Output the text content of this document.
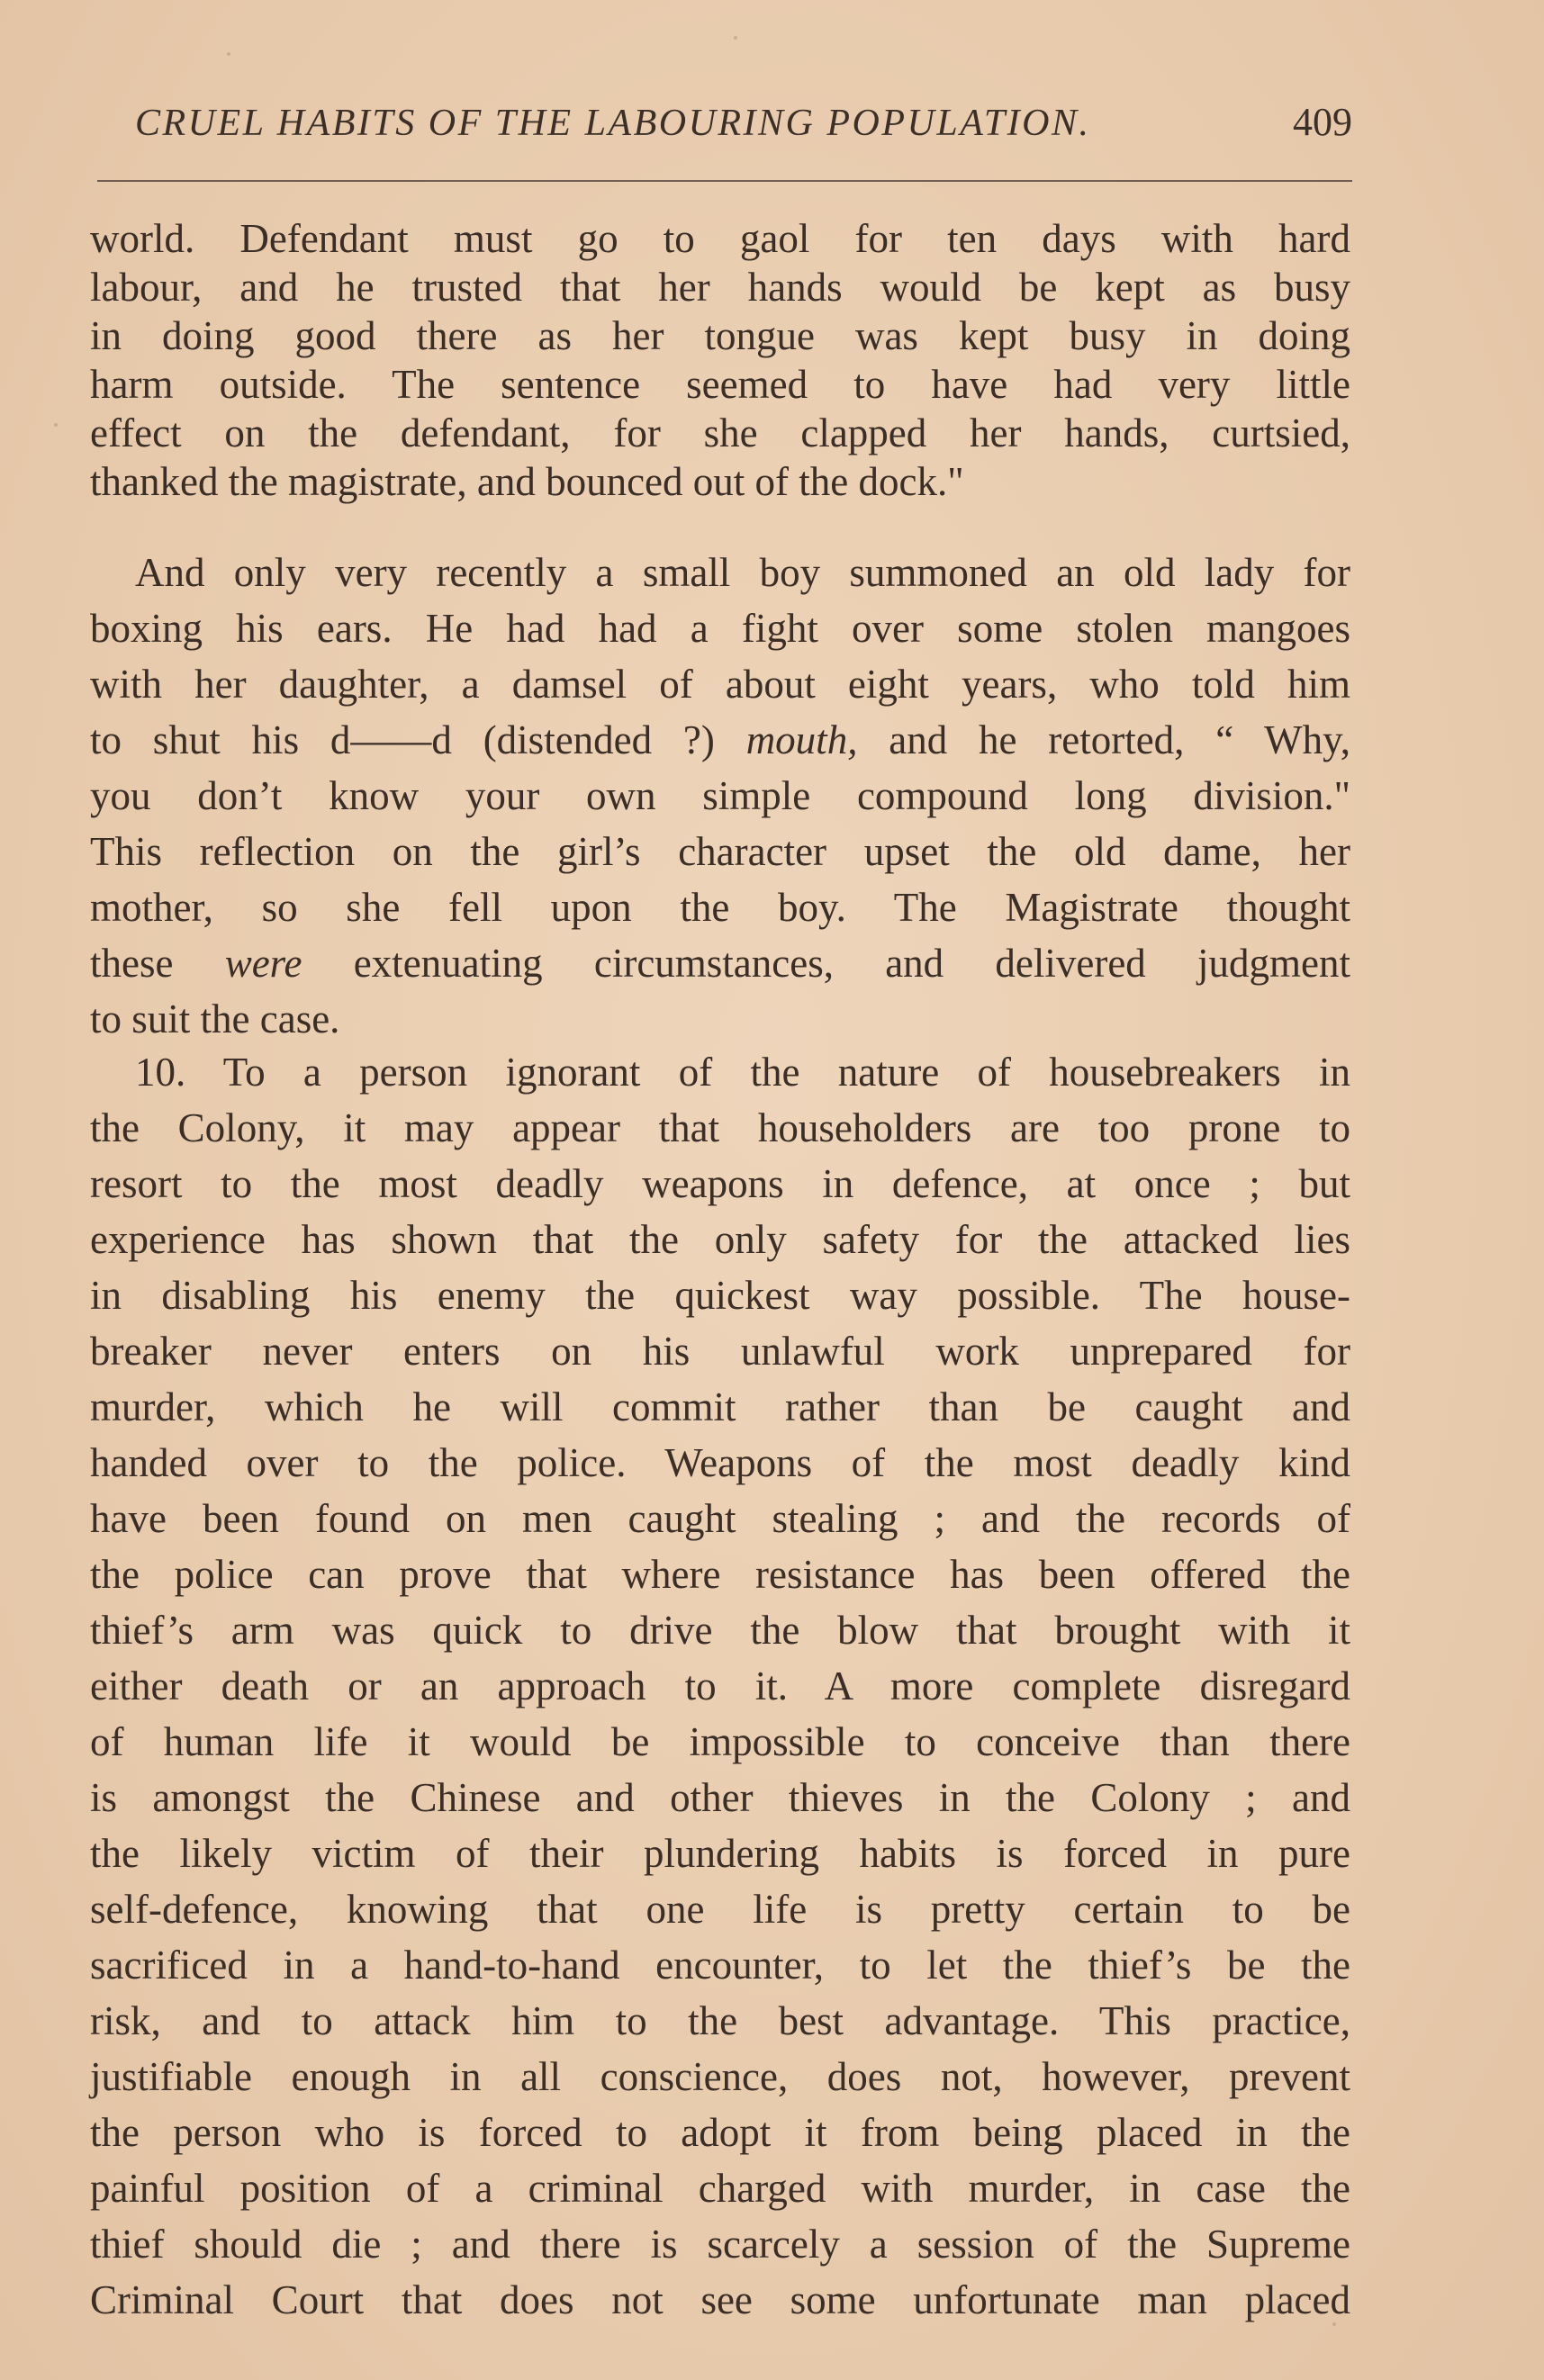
CRUEL HABITS OF THE LABOURING POPULATION.	409
world. Defendant must go to gaol for ten days with hard
labour, and he trusted that her hands would be kept as busy
in doing good there as her tongue was kept busy in doing
harm outside. The sentence seemed to have had very little
effect on the defendant, for she clapped her hands, curtsied,
thanked the magistrate, and bounced out of the dock."
And only very recently a small boy summoned an old lady for
boxing his ears. He had had a fight over some stolen mangoes
with her daughter, a damsel of about eight years, who told him
to shut his d——d (distended ?) mouth, and he retorted, “ Why,
you don’t know your own simple compound long division."
This reflection on the girl’s character upset the old dame, her
mother, so she fell upon the boy. The Magistrate thought
these were extenuating circumstances, and delivered judgment
to suit the case.
10. To a person ignorant of the nature of housebreakers in
the Colony, it may appear that householders are too prone to
resort to the most deadly weapons in defence, at once ; but
experience has shown that the only safety for the attacked lies
in disabling his enemy the quickest way possible. The house-
breaker never enters on his unlawful work unprepared for
murder, which he will commit rather than be caught and
handed over to the police. Weapons of the most deadly kind
have been found on men caught stealing ; and the records of
the police can prove that where resistance has been offered the
thief’s arm was quick to drive the blow that brought with it
either death or an approach to it. A more complete disregard
of human life it would be impossible to conceive than there
is amongst the Chinese and other thieves in the Colony ; and
the likely victim of their plundering habits is forced in pure
self-defence, knowing that one life is pretty certain to be
sacrificed in a hand-to-hand encounter, to let the thief’s be the
risk, and to attack him to the best advantage. This practice,
justifiable enough in all conscience, does not, however, prevent
the person who is forced to adopt it from being placed in the
painful position of a criminal charged with murder, in case the
thief should die ; and there is scarcely a session of the Supreme
Criminal Court that does not see some unfortunate man placed
